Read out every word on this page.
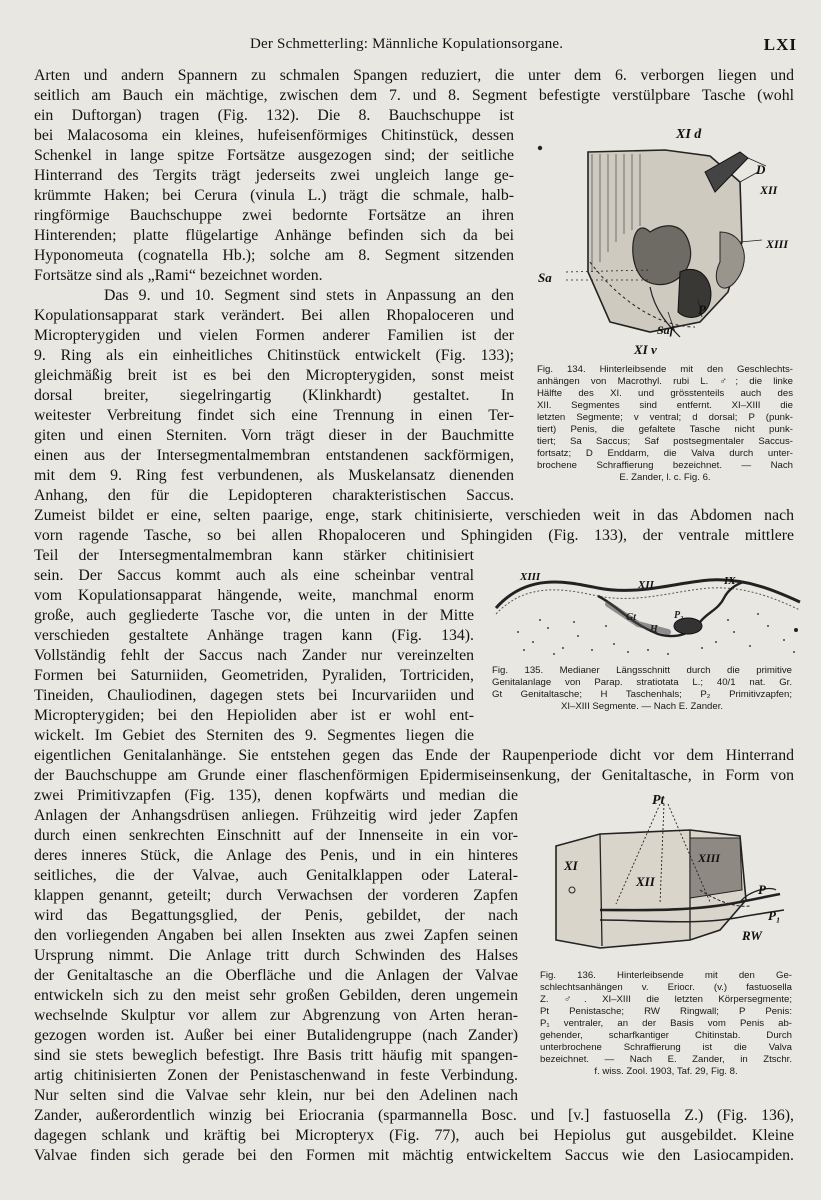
Der Schmetterling: Männliche Kopulationsorgane.	LXI
Arten und andern Spannern zu schmalen Spangen reduziert, die unter dem 6. verborgen liegen und
seitlich am Bauch ein mächtige, zwischen dem 7. und 8. Segment befestigte verstülpbare Tasche (wohl
ein Duftorgan) tragen (Fig. 132). Die 8. Bauchschuppe ist
bei Malacosoma ein kleines, hufeisenförmiges Chitinstück, dessen
Schenkel in lange spitze Fortsätze ausgezogen sind; der seitliche
Hinterrand des Tergits trägt jederseits zwei ungleich lange ge-
krümmte Haken; bei Cerura (vinula L.) trägt die schmale, halb-
ringförmige Bauchschuppe zwei bedornte Fortsätze an ihren
Hinterenden; platte flügelartige Anhänge befinden sich da bei
Hyponomeuta (cognatella Hb.); solche am 8. Segment sitzenden
Fortsätze sind als „Rami“ bezeichnet worden.
Das 9. und 10. Segment sind stets in Anpassung an den
Kopulationsapparat stark verändert. Bei allen Rhopaloceren und
Micropterygiden und vielen Formen anderer Familien ist der
9. Ring als ein einheitliches Chitinstück entwickelt (Fig. 133);
gleichmäßig breit ist es bei den Micropterygiden, sonst meist
dorsal breiter, siegelringartig (Klinkhardt) gestaltet. In
weitester Verbreitung findet sich eine Trennung in einen Ter-
giten und einen Sterniten. Vorn trägt dieser in der Bauchmitte
einen aus der Intersegmentalmembran entstandenen sackförmigen,
mit dem 9. Ring fest verbundenen, als Muskelansatz dienenden
Anhang, den für die Lepidopteren charakteristischen Saccus.
Zumeist bildet er eine, selten paarige, enge, stark chitinisierte, verschieden weit in das Abdomen nach
vorn ragende Tasche, so bei allen Rhopaloceren und Sphingiden (Fig. 133), der ventrale mittlere
Teil der Intersegmentalmembran kann stärker chitinisiert
sein. Der Saccus kommt auch als eine scheinbar ventral
vom Kopulationsapparat hängende, weite, manchmal enorm
große, auch gegliederte Tasche vor, die unten in der Mitte
verschieden gestaltete Anhänge tragen kann (Fig. 134).
Vollständig fehlt der Saccus nach Zander nur vereinzelten
Formen bei Saturniiden, Geometriden, Pyraliden, Tortriciden,
Tineiden, Chauliodinen, dagegen stets bei Incurvariiden und
Micropterygiden; bei den Hepioliden aber ist er wohl ent-
wickelt. Im Gebiet des Sterniten des 9. Segmentes liegen die
eigentlichen Genitalanhänge. Sie entstehen gegen das Ende der Raupenperiode dicht vor dem Hinterrand
der Bauchschuppe am Grunde einer flaschenförmigen Epidermiseinsenkung, der Genitaltasche, in Form von
zwei Primitivzapfen (Fig. 135), denen kopfwärts und median die
Anlagen der Anhangsdrüsen anliegen. Frühzeitig wird jeder Zapfen
durch einen senkrechten Einschnitt auf der Innenseite in ein vor-
deres inneres Stück, die Anlage des Penis, und in ein hinteres
seitliches, die der Valvae, auch Genitalklappen oder Lateral-
klappen genannt, geteilt; durch Verwachsen der vorderen Zapfen
wird das Begattungsglied, der Penis, gebildet, der nach
den vorliegenden Angaben bei allen Insekten aus zwei Zapfen seinen
Ursprung nimmt. Die Anlage tritt durch Schwinden des Halses
der Genitaltasche an die Oberfläche und die Anlagen der Valvae
entwickeln sich zu den meist sehr großen Gebilden, deren ungemein
wechselnde Skulptur vor allem zur Abgrenzung von Arten heran-
gezogen worden ist. Außer bei einer Butalidengruppe (nach Zander)
sind sie stets beweglich befestigt. Ihre Basis tritt häufig mit spangen-
artig chitinisierten Zonen der Penistaschenwand in feste Verbindung.
Nur selten sind die Valvae sehr klein, nur bei den Adelinen nach
Zander, außerordentlich winzig bei Eriocrania (sparmannella Bosc. und [v.] fastuosella Z.) (Fig. 136),
dagegen schlank und kräftig bei Micropteryx (Fig. 77), auch bei Hepiolus gut ausgebildet. Kleine
Valvae finden sich gerade bei den Formen mit mächtig entwickeltem Saccus wie den Lasiocampiden.
XI d
D
XII
XIII
Sa
P
Saf
XI v
Fig. 134. Hinterleibsende mit den Geschlechts-
anhängen von Macrothyl. rubi L. ♂; die linke
Hälfte des XI. und grösstenteils auch des
XII. Segmentes sind entfernt. XI–XIII die
letzten Segmente; v ventral; d dorsal; P (punk-
tiert) Penis, die gefaltete Tasche nicht punk-
tiert; Sa Saccus; Saf postsegmentaler Saccus-
fortsatz; D Enddarm, die Valva durch unter-
brochene Schraffierung bezeichnet. — Nach
E. Zander, l. c. Fig. 6.
XIII
XII	IX
Gt
H
P₂
Fig. 135. Medianer Längsschnitt durch die primitive
Genitalanlage von Parap. stratiotata L.; 40/1 nat. Gr.
Gt Genitaltasche; H Taschenhals; P₂ Primitivzapfen;
XI–XIII Segmente. — Nach E. Zander.
Pt
XI
XII
XIII
P
P₁
RW
Fig. 136. Hinterleibsende mit den Ge-
schlechtsanhängen v. Eriocr. (v.) fastuosella
Z. ♂. XI–XIII die letzten Körpersegmente;
Pt Penistasche; RW Ringwall; P Penis:
P₁ ventraler, an der Basis vom Penis ab-
gehender, scharfkantiger Chitinstab. Durch
unterbrochene Schraffierung ist die Valva
bezeichnet. — Nach E. Zander, in Ztschr.
f. wiss. Zool. 1903, Taf. 29, Fig. 8.
